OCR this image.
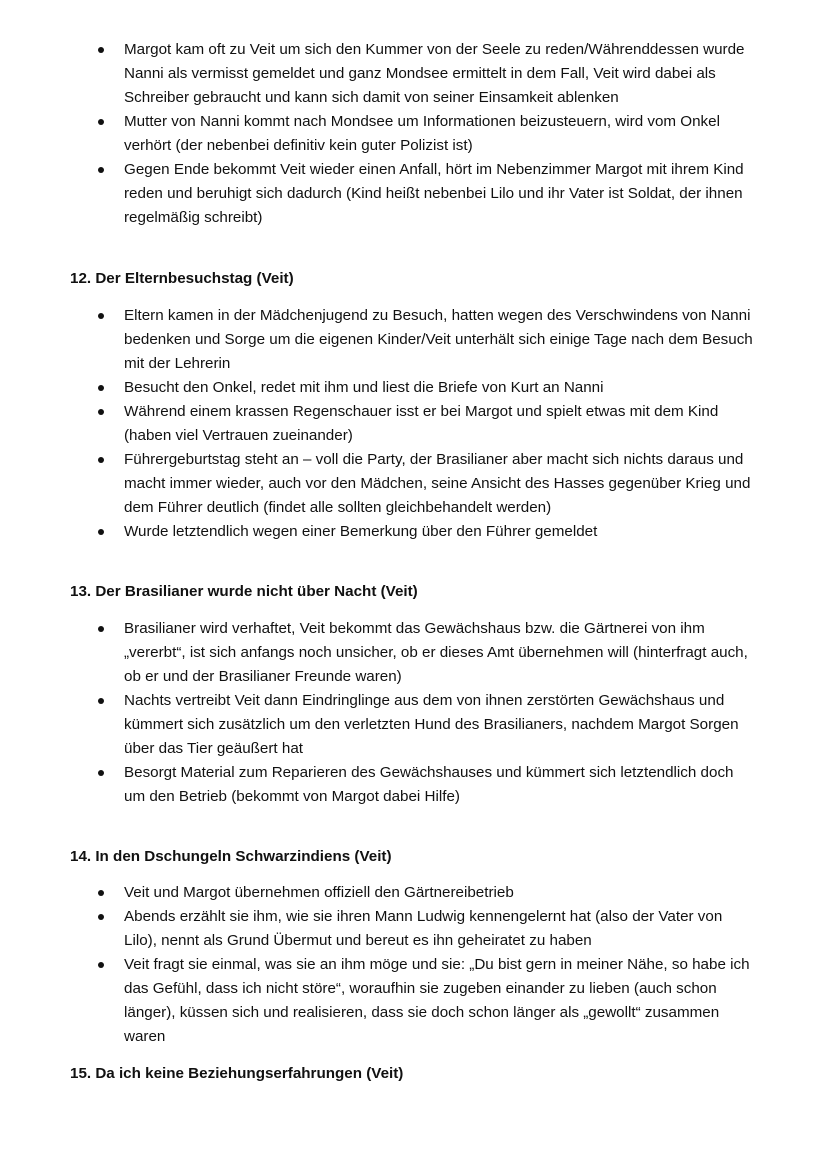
Margot kam oft zu Veit um sich den Kummer von der Seele zu reden/Währenddessen wurde Nanni als vermisst gemeldet und ganz Mondsee ermittelt in dem Fall, Veit wird dabei als Schreiber gebraucht und kann sich damit von seiner Einsamkeit ablenken
Mutter von Nanni kommt nach Mondsee um Informationen beizusteuern, wird vom Onkel verhört (der nebenbei definitiv kein guter Polizist ist)
Gegen Ende bekommt Veit wieder einen Anfall, hört im Nebenzimmer Margot mit ihrem Kind reden und beruhigt sich dadurch (Kind heißt nebenbei Lilo und ihr Vater ist Soldat, der ihnen regelmäßig schreibt)
12. Der Elternbesuchstag (Veit)
Eltern kamen in der Mädchenjugend zu Besuch, hatten wegen des Verschwindens von Nanni bedenken und Sorge um die eigenen Kinder/Veit unterhält sich einige Tage nach dem Besuch mit der Lehrerin
Besucht den Onkel, redet mit ihm und liest die Briefe von Kurt an Nanni
Während einem krassen Regenschauer isst er bei Margot und spielt etwas mit dem Kind (haben viel Vertrauen zueinander)
Führergeburtstag steht an – voll die Party, der Brasilianer aber macht sich nichts daraus und macht immer wieder, auch vor den Mädchen, seine Ansicht des Hasses gegenüber Krieg und dem Führer deutlich (findet alle sollten gleichbehandelt werden)
Wurde letztendlich wegen einer Bemerkung über den Führer gemeldet
13. Der Brasilianer wurde nicht über Nacht (Veit)
Brasilianer wird verhaftet, Veit bekommt das Gewächshaus bzw. die Gärtnerei von ihm „vererbt“, ist sich anfangs noch unsicher, ob er dieses Amt übernehmen will (hinterfragt auch, ob er und der Brasilianer Freunde waren)
Nachts vertreibt Veit dann Eindringlinge aus dem von ihnen zerstörten Gewächshaus und kümmert sich zusätzlich um den verletzten Hund des Brasilianers, nachdem Margot Sorgen über das Tier geäußert hat
Besorgt Material zum Reparieren des Gewächshauses und kümmert sich letztendlich doch um den Betrieb (bekommt von Margot dabei Hilfe)
14. In den Dschungeln Schwarzindiens (Veit)
Veit und Margot übernehmen offiziell den Gärtnereibetrieb
Abends erzählt sie ihm, wie sie ihren Mann Ludwig kennengelernt hat (also der Vater von Lilo), nennt als Grund Übermut und bereut es ihn geheiratet zu haben
Veit fragt sie einmal, was sie an ihm möge und sie: „Du bist gern in meiner Nähe, so habe ich das Gefühl, dass ich nicht störe“, woraufhin sie zugeben einander zu lieben (auch schon länger), küssen sich und realisieren, dass sie doch schon länger als „gewollt“ zusammen waren
15. Da ich keine Beziehungserfahrungen (Veit)
